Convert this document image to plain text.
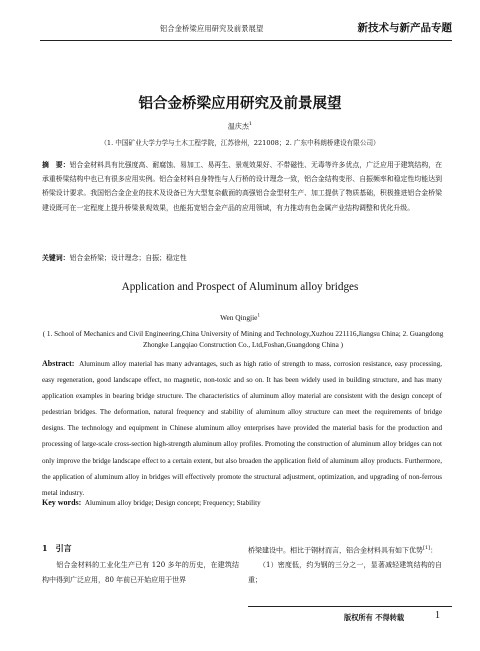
铝合金桥梁应用研究及前景展望	新技术与新产品专题
铝合金桥梁应用研究及前景展望
温庆杰$^1$
（1. 中国矿业大学力学与土木工程学院，江苏徐州，221008；2. 广东中科朗桥建设有限公司）
摘　要：铝合金材料具有比强度高、耐腐蚀、易加工、易再生、景观效果好、不带磁性、无毒等许多优点，广泛应用于建筑结构，在承重桥梁结构中也已有很多应用实例。铝合金材料自身特性与人行桥的设计理念一致，铝合金结构变形、自振频率和稳定性均能达到桥梁设计要求。我国铝合金企业的技术及设备已为大型复杂截面的高强铝合金型材生产、加工提供了物质基础，积极推进铝合金桥梁建设既可在一定程度上提升桥梁景观效果，也能拓宽铝合金产品的应用领域，有力推动有色金属产业结构调整和优化升级。
关键词：铝合金桥梁；设计理念；自振；稳定性
Application and Prospect of Aluminum alloy bridges
Wen Qingjie$^1$
( 1. School of Mechanics and Civil Engineering,China University of Mining and Technology,Xuzhou 221116,Jiangsu China; 2. Guangdong Zhongke Langqiao Construction Co., Ltd,Foshan,Guangdong China )
Abstract: Aluminum alloy material has many advantages, such as high ratio of strength to mass, corrosion resistance, easy processing, easy regeneration, good landscape effect, no magnetic, non-toxic and so on. It has been widely used in building structure, and has many application examples in bearing bridge structure. The characteristics of aluminum alloy material are consistent with the design concept of pedestrian bridges. The deformation, natural frequency and stability of aluminum alloy structure can meet the requirements of bridge designs. The technology and equipment in Chinese aluminum alloy enterprises have provided the material basis for the production and processing of large-scale cross-section high-strength aluminum alloy profiles. Promoting the construction of aluminum alloy bridges can not only improve the bridge landscape effect to a certain extent, but also broaden the application field of aluminum alloy products. Furthermore, the application of aluminum alloy in bridges will effectively promote the structural adjustment, optimization, and upgrading of non-ferrous metal industry.
Key words: Aluminum alloy bridge; Design concept; Frequency; Stability
1　引言
　　铝合金材料的工业化生产已有 120 多年的历史，在建筑结构中得到广泛应用，80 年前已开始应用于世界
桥梁建设中。相比于钢材而言，铝合金材料具有如下优势[1]：
　　（1）密度低，约为钢的三分之一，显著减轻建筑结构的自重；
版权所有 不得转载	1
